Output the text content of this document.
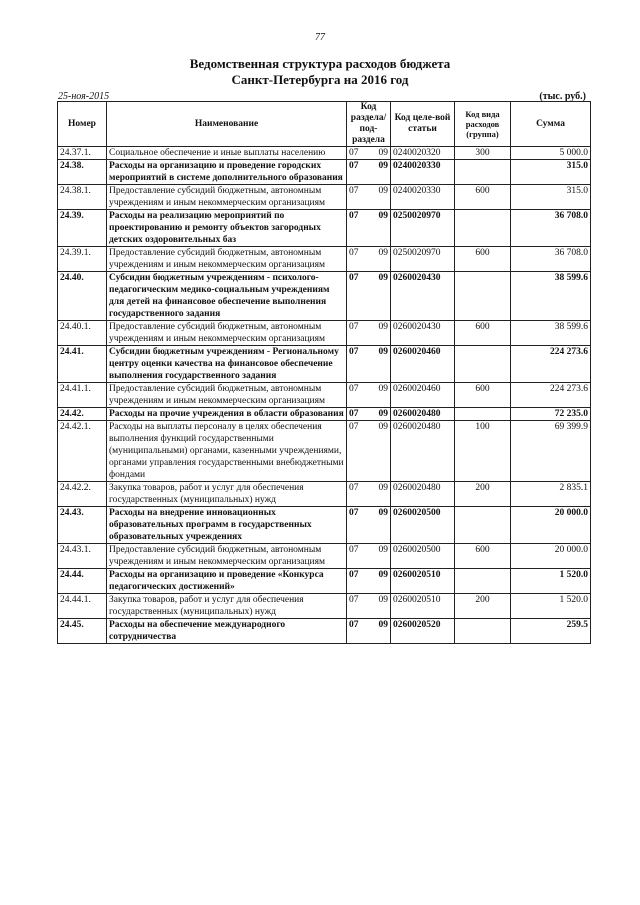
77
Ведомственная структура расходов бюджета
Санкт-Петербурга на 2016 год
25-ноя-2015	(тыс. руб.)
Номер	Наименование	Код раздела/ под-раздела		Код целе-вой статьи	Код вида расходов (группа)	Сумма
24.37.1.	Социальное обеспечение и иные выплаты населению	07	09	0240020320	300	5 000.0
24.38.	Расходы на организацию и проведение городских мероприятий в системе дополнительного образования	07	09	0240020330		315.0
24.38.1.	Предоставление субсидий бюджетным, автономным учреждениям и иным некоммерческим организациям	07	09	0240020330	600	315.0
24.39.	Расходы на реализацию мероприятий по проектированию и ремонту объектов загородных детских оздоровительных баз	07	09	0250020970		36 708.0
24.39.1.	Предоставление субсидий бюджетным, автономным учреждениям и иным некоммерческим организациям	07	09	0250020970	600	36 708.0
24.40.	Субсидии бюджетным учреждениям - психолого-педагогическим медико-социальным учреждениям для детей на финансовое обеспечение выполнения государственного задания	07	09	0260020430		38 599.6
24.40.1.	Предоставление субсидий бюджетным, автономным учреждениям и иным некоммерческим организациям	07	09	0260020430	600	38 599.6
24.41.	Субсидии бюджетным учреждениям - Региональному центру оценки качества на финансовое обеспечение выполнения государственного задания	07	09	0260020460		224 273.6
24.41.1.	Предоставление субсидий бюджетным, автономным учреждениям и иным некоммерческим организациям	07	09	0260020460	600	224 273.6
24.42.	Расходы на прочие учреждения в области образования	07	09	0260020480		72 235.0
24.42.1.	Расходы на выплаты персоналу в целях обеспечения выполнения функций государственными (муниципальными) органами, казенными учреждениями, органами управления государственными внебюджетными фондами	07	09	0260020480	100	69 399.9
24.42.2.	Закупка товаров, работ и услуг для обеспечения государственных (муниципальных) нужд	07	09	0260020480	200	2 835.1
24.43.	Расходы на внедрение инновационных образовательных программ в государственных образовательных учреждениях	07	09	0260020500		20 000.0
24.43.1.	Предоставление субсидий бюджетным, автономным учреждениям и иным некоммерческим организациям	07	09	0260020500	600	20 000.0
24.44.	Расходы на организацию и проведение «Конкурса педагогических достижений»	07	09	0260020510		1 520.0
24.44.1.	Закупка товаров, работ и услуг для обеспечения государственных (муниципальных) нужд	07	09	0260020510	200	1 520.0
24.45.	Расходы на обеспечение международного сотрудничества	07	09	0260020520		259.5
